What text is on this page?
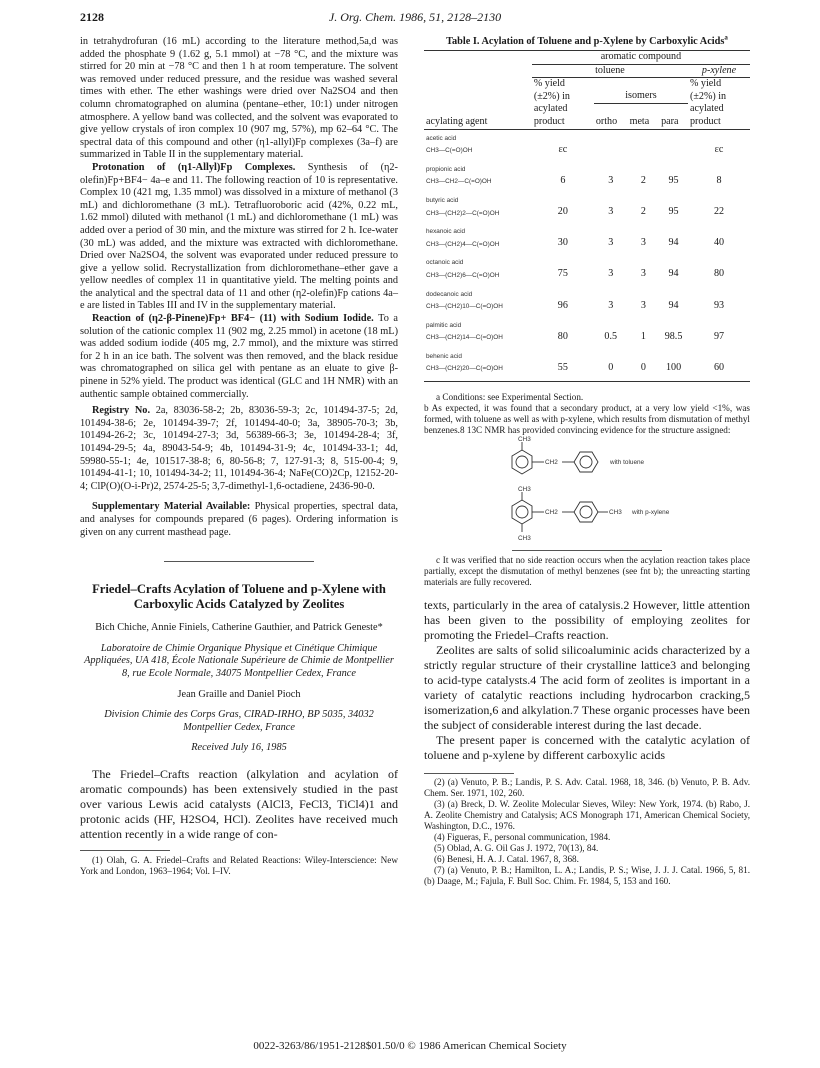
2128	J. Org. Chem. 1986, 51, 2128–2130

in tetrahydrofuran (16 mL) according to the literature method,5a,d was added the phosphate 9 (1.62 g, 5.1 mmol) at −78 °C, and the mixture was stirred for 20 min at −78 °C and then 1 h at room temperature. The solvent was removed under reduced pressure, and the residue was washed several times with ether. The ether washings were dried over Na2SO4 and then column chromatographed on alumina (pentane–ether, 10:1) under nitrogen atmosphere. A yellow band was collected, and the solvent was evaporated to give yellow crystals of iron complex 10 (907 mg, 57%), mp 62–64 °C. The spectral data of this compound and other (η1-allyl)Fp complexes (3a–f) are summarized in Table II in the supplementary material.

Protonation of (η1-Allyl)Fp Complexes. Synthesis of (η2-olefin)Fp+BF4− 4a–e and 11. The following reaction of 10 is representative. Complex 10 (421 mg, 1.35 mmol) was dissolved in a mixture of methanol (3 mL) and dichloromethane (3 mL). Tetrafluoroboric acid (42%, 0.22 mL, 1.62 mmol) diluted with methanol (1 mL) and dichloromethane (1 mL) was added over a period of 30 min, and the mixture was stirred for 2 h. Ice-water (30 mL) was added, and the mixture was extracted with dichloromethane. Dried over Na2SO4, the solvent was evaporated under reduced pressure to give a yellow solid. Recrystallization from dichloromethane–ether gave a yellow needles of complex 11 in quantitative yield. The melting points and the analytical and the spectral data of 11 and other (η2-olefin)Fp cations 4a–e are listed in Tables III and IV in the supplementary material.

Reaction of (η2-β-Pinene)Fp+ BF4− (11) with Sodium Iodide. To a solution of the cationic complex 11 (902 mg, 2.25 mmol) in acetone (18 mL) was added sodium iodide (405 mg, 2.7 mmol), and the mixture was stirred for 2 h in an ice bath. The solvent was then removed, and the black residue was chromatographed on silica gel with pentane as an eluate to give β-pinene in 52% yield. The product was identical (GLC and 1H NMR) with an authentic sample obtained commercially.

Registry No. 2a, 83036-58-2; 2b, 83036-59-3; 2c, 101494-37-5; 2d, 101494-38-6; 2e, 101494-39-7; 2f, 101494-40-0; 3a, 38905-70-3; 3b, 101494-26-2; 3c, 101494-27-3; 3d, 56389-66-3; 3e, 101494-28-4; 3f, 101494-29-5; 4a, 89043-54-9; 4b, 101494-31-9; 4c, 101494-33-1; 4d, 59980-55-1; 4e, 101517-38-8; 6, 80-56-8; 7, 127-91-3; 8, 515-00-4; 9, 101494-41-1; 10, 101494-34-2; 11, 101494-36-4; NaFe(CO)2Cp, 12152-20-4; ClP(O)(O-i-Pr)2, 2574-25-5; 3,7-dimethyl-1,6-octadiene, 2436-90-0.

Supplementary Material Available: Physical properties, spectral data, and analyses for compounds prepared (6 pages). Ordering information is given on any current masthead page.

Friedel–Crafts Acylation of Toluene and p-Xylene with Carboxylic Acids Catalyzed by Zeolites

Bich Chiche, Annie Finiels, Catherine Gauthier, and Patrick Geneste*

Laboratoire de Chimie Organique Physique et Cinétique Chimique Appliquées, UA 418, École Nationale Supérieure de Chimie de Montpellier 8, rue Ecole Normale, 34075 Montpellier Cedex, France

Jean Graille and Daniel Pioch

Division Chimie des Corps Gras, CIRAD-IRHO, BP 5035, 34032 Montpellier Cedex, France

Received July 16, 1985

The Friedel–Crafts reaction (alkylation and acylation of aromatic compounds) has been extensively studied in the past over various Lewis acid catalysts (AlCl3, FeCl3, TiCl4)1 and protonic acids (HF, H2SO4, HCl). Zeolites have received much attention recently in a wide range of con-

(1) Olah, G. A. Friedel–Crafts and Related Reactions: Wiley-Interscience: New York and London, 1963–1964; Vol. I–IV.

Table I. Acylation of Toluene and p-Xylene by Carboxylic Acids$^a$
	aromatic compound				
	toluene				p-xylene
	% yield (±2%) in acylated product	isomers			% yield (±2%) in acylated product
acylating agent		ortho	meta	para	

acetic acid
CH3—C(=O)OH	εc				εc

propionic acid
CH3—CH2—C(=O)OH	6	3	2	95	8

butyric acid
CH3—(CH2)2—C(=O)OH	20	3	2	95	22

hexanoic acid
CH3—(CH2)4—C(=O)OH	30	3	3	94	40

octanoic acid
CH3—(CH2)6—C(=O)OH	75	3	3	94	80

dodecanoic acid
CH3—(CH2)10—C(=O)OH	96	3	3	94	93

palmitic acid
CH3—(CH2)14—C(=O)OH	80	0.5	1	98.5	97

behenic acid
CH3—(CH2)20—C(=O)OH	55	0	0	100	60

a Conditions: see Experimental Section.

b As expected, it was found that a secondary product, at a very low yield <1%, was formed, with toluene as well as with p-xylene, which results from dismutation of methyl benzenes.8 13C NMR has provided convincing evidence for the structure assigned:

CH3
CH2
CH3
CH2	CH3
CH3
with toluene
with p-xylene

c It was verified that no side reaction occurs when the acylation reaction takes place partially, except the dismutation of methyl benzenes (see fnt b); the unreacting starting materials are fully recovered.

texts, particularly in the area of catalysis.2 However, little attention has been given to the possibility of employing zeolites for promoting the Friedel–Crafts reaction.

Zeolites are salts of solid silicoaluminic acids characterized by a strictly regular structure of their crystalline lattice3 and belonging to acid-type catalysts.4 The acid form of zeolites is important in a variety of catalytic reactions including hydrocarbon cracking,5 isomerization,6 and alkylation.7 These organic processes have been the subject of considerable interest during the last decade.

The present paper is concerned with the catalytic acylation of toluene and p-xylene by different carboxylic acids

(2) (a) Venuto, P. B.; Landis, P. S. Adv. Catal. 1968, 18, 346. (b) Venuto, P. B. Adv. Chem. Ser. 1971, 102, 260.

(3) (a) Breck, D. W. Zeolite Molecular Sieves, Wiley: New York, 1974. (b) Rabo, J. A. Zeolite Chemistry and Catalysis; ACS Monograph 171, American Chemical Society, Washington, D.C., 1976.

(4) Figueras, F., personal communication, 1984.

(5) Oblad, A. G. Oil Gas J. 1972, 70(13), 84.

(6) Benesi, H. A. J. Catal. 1967, 8, 368.

(7) (a) Venuto, P. B.; Hamilton, L. A.; Landis, P. S.; Wise, J. J. J. Catal. 1966, 5, 81. (b) Daage, M.; Fajula, F. Bull Soc. Chim. Fr. 1984, 5, 153 and 160.

0022-3263/86/1951-2128$01.50/0 © 1986 American Chemical Society
